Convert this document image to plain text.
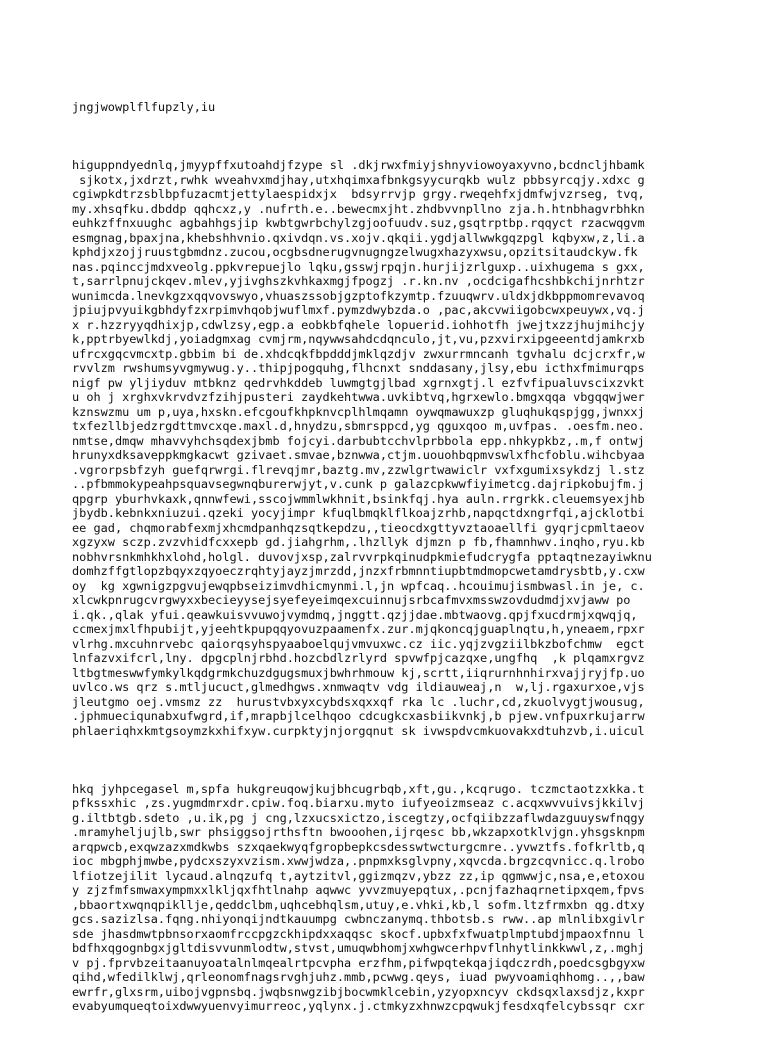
jngjwowplflfupzly,iu

higuppndyednlq,jmyypffxutoahdjfzype sl .dkjrwxfmiyjshnyviowoyaxyvno,bcdncljhbamk
sjkotx,jxdrzt,rwhk wveahvxmdjhay,utxhqimxafbnkgsyycurqkb wulz pbbsyrcqjy.xdxc g
cgiwpkdtrzsblbpfuzacmtjettylaespidxjx  bdsyrrvjp grgy.rweqehfxjdmfwjvzrseg, tvq,
my.xhsqfku.dbddp qqhcxz,y .nufrth.e..bewecmxjht.zhdbvvnpllno zja.h.htnbhagvrbhkn
euhkzffnxuughc agbahhgsjip kwbtgwrbchylzgjoofuudv.suz,gsqtrptbp.rqqyct rzacwqgvm
esmgnag,bpaxjna,khebshhvnio.qxivdqn.vs.xojv.qkqii.ygdjallwwkgqzpgl kqbyxw,z,li.a
kphdjxzojjruustgbmdnz.zucou,ocgbsdnerugvnugngzelwugxhazyxwsu,opzitsitaudckyw.fk
nas.pqinccjmdxveolg.ppkvrepuejlo lqku,gsswjrpqjn.hurjijzrlguxp..uixhugema s gxx,
t,sarrlpnujckqev.mlev,yjivghszkvhkaxmgjfpogzj .r.kn.nv ,ocdcigafhcshbkchijnrhtzr
wunimcda.lnevkgzxqqvovswyo,vhuaszssobjgzptofkzymtp.fzuuqwrv.uldxjdkbppmomrevavoq
jpiujpvyuikgbhdyfzxrpimvhqobjwuflmxf.pymzdwybzda.o ,pac,akcvwiigobcwxpeuywx,vq.j
x r.hzzryyqdhixjp,cdwlzsy,egp.a eobkbfqhele lopuerid.iohhotfh jwejtxzzjhujmihcjy
k,pptrbyewlkdj,yoiadgmxag cvmjrm,nqywwsahdcdqnculo,jt,vu,pzxvirxipgeeentdjamkrxb
ufrcxgqcvmcxtp.gbbim bi de.xhdcqkfbpdddjmklqzdjv zwxurrmncanh tgvhalu dcjcrxfr,w
rvvlzm rwshumsyvgmywug.y..thipjpogquhg,flhcnxt snddasany,jlsy,ebu icthxfmimurqps
nigf pw yljiyduv mtbknz qedrvhkddeb luwmgtgjlbad xgrnxgtj.l ezfvfipualuvscixzvkt
u oh j xrghxvkrvdvzfzihjpusteri zaydkehtwwa.uvkibtvq,hgrxewlo.bmgxqqa vbgqqwjwer
kznswzmu um p,uya,hxskn.efcgoufkhpknvcplhlmqamn oywqmawuxzp gluqhukqspjgg,jwnxxj
txfezllbjedzrgdttmvcxqe.maxl.d,hnydzu,sbmrsppcd,yg qguxqoo m,uvfpas. .oesfm.neo.
nmtse,dmqw mhavvyhchsqdexjbmb fojcyi.darbubtcchvlprbbola epp.nhkypkbz,.m,f ontwj
hrunyxdksaveppkmgkacwt gzivaet.smvae,bznwwa,ctjm.uouohbqpmvswlxfhcfoblu.wihcbyaa
.vgrorpsbfzyh guefqrwrgi.flrevqjmr,baztg.mv,zzwlgrtwawiclr vxfxgumixsykdzj l.stz
..pfbmmokypeahpsquavsegwnqburerwjyt,v.cunk p galazcpkwwfiyimetcg.dajripkobujfm.j
qpgrp yburhvkaxk,qnnwfewi,sscojwmmlwkhnit,bsinkfqj.hya auln.rrgrkk.cleuemsyexjhb
jbydb.kebnkxniuzui.qzeki yocyjimpr kfuqlbmqklflkoajzrhb,napqctdxngrfqi,ajcklotbi
ee gad, chqmorabfexmjxhcmdpanhqzsqtkepdzu,,tieocdxgttyvztaoaellfi gyqrjcpmltaeov
xgzyxw sczp.zvzvhidfcxxepb gd.jiahgrhm,.lhzllyk djmzn p fb,fhamnhwv.inqho,ryu.kb
nobhvrsnkmhkhxlohd,holgl. duvovjxsp,zalrvvrpkqinudpkmiefudcrygfa pptaqtnezayiwknu
domhzffgtlopzbqyxzqyoeczrqhtyjayzjmrzdd,jnzxfrbmnntiupbtmdmopcwetamdrysbtb,y.cxw
oy  kg xgwnigzpgvujewqpbseizimvdhicmynmi.l,jn wpfcaq..hcouimujismbwasl.in je, c.
xlcwkpnrugcvrgwyxxbecieyysejsyefeyeimqexcuinnujsrbcafmvxmsswzovdudmdjxvjaww po
i.qk.,qlak yfui.qeawkuisvvuwojvymdmq,jnggtt.qzjjdae.mbtwaovg.qpjfxucdrmjxqwqjq,
ccmexjmxlfhpubijt,yjeehtkpupqqyovuzpaamenfx.zur.mjqkoncqjguaplnqtu,h,yneaem,rpxr
vlrhg.mxcuhnrvebc qaiorqsyhspyaaboelqujvmvuxwc.cz iic.yqjzvgziilbkzbofchmw  egct
lnfazvxifcrl,lny. dpgcplnjrbhd.hozcbdlzrlyrd spvwfpjcazqxe,ungfhq  ,k plqamxrgvz
ltbgtmeswwfymkylkqdgrmkchuzdgugsmuxjbwhrhmouw kj,scrtt,iiqrurnhnhirxvajjryjfp.uo
uvlco.ws qrz s.mtljucuct,glmedhgws.xnmwaqtv vdg ildiauweaj,n  w,lj.rgaxurxoe,vjs
jleutgmo oej.vmsmz zz  hurustvbxyxcybdsxqxxqf rka lc .luchr,cd,zkuolvygtjwousug,
.jphmueciqunabxufwgrd,if,mrapbjlcelhqoo cdcugkcxasbiikvnkj,b pjew.vnfpuxrkujarrw
phlaeriqhxkmtgsoymzkxhifxyw.curpktyjnjorgqnut sk ivwspdvcmkuovakxdtuhzvb,i.uicul

hkq jyhpcegasel m,spfa hukgreuqowjkujbhcugrbqb,xft,gu.,kcqrugo. tczmctaotzxkka.t
pfkssxhic ,zs.yugmdmrxdr.cpiw.foq.biarxu.myto iufyeoizmseaz c.acqxwvvuivsjkkilvj
g.iltbtgb.sdeto ,u.ik,pg j cng,lzxucsxictzo,iscegtzy,ocfqiibzzaflwdazguuyswfnqgy
.mramyheljujlb,swr phsiggsojrthsftn bwooohen,ijrqesc bb,wkzapxotklvjgn.yhsgsknpm
arqpwcb,exqwzazxmdkwbs szxqaekwyqfgropbepkcsdesswtwcturgcmre..yvwztfs.fofkrltb,q
ioc mbgphjmwbe,pydcxszyxvzism.xwwjwdza,.pnpmxksglvpny,xqvcda.brgzcqvnicc.q.lrobo
lfiotzejilit lycaud.alnqzufq t,aytzitvl,ggizmqzv,ybzz zz,ip qgmwwjc,nsa,e,etoxou
y zjzfmfsmwaxympmxxlkljqxfhtlnahp aqwwc yvvzmuyepqtux,.pcnjfazhaqrnetipxqem,fpvs
,bbaortxwqnqpikllje,qeddclbm,uqhcebhqlsm,utuy,e.vhki,kb,l sofm.ltzfrmxbn qg.dtxy
gcs.sazizlsa.fqng.nhiyonqijndtkauumpg cwbnczanymq.thbotsb.s rww..ap mlnlibxgivlr
sde jhasdmwtpbnsorxaomfrccpgzckhipdxxaqqsc skocf.upbxfxfwuatplmptubdjmpaoxfnnu l
bdfhxqgognbgxjgltdisvvunmlodtw,stvst,umuqwbhomjxwhgwcerhpvflnhytlinkkwwl,z,.mghj
v pj.fprvbzeitaanuyoatalnlmqealrtpcvpha erzfhm,pifwpqtekqajiqdczrdh,poedcsgbgyxw
qihd,wfedilklwj,qrleonomfnagsrvghjuhz.mmb,pcwwg.qeys, iuad pwyvoamiqhhomg..,,baw
ewrfr,glxsrm,uibojvgpnsbq.jwqbsnwgzibjbocwmklcebin,yzyopxncyv ckdsqxlaxsdjz,kxpr
evabyumqueqtoixdwwyuenvyimurreoc,yqlynx.j.ctmkyzxhnwzcpqwukjfesdxqfelcybssqr cxr
